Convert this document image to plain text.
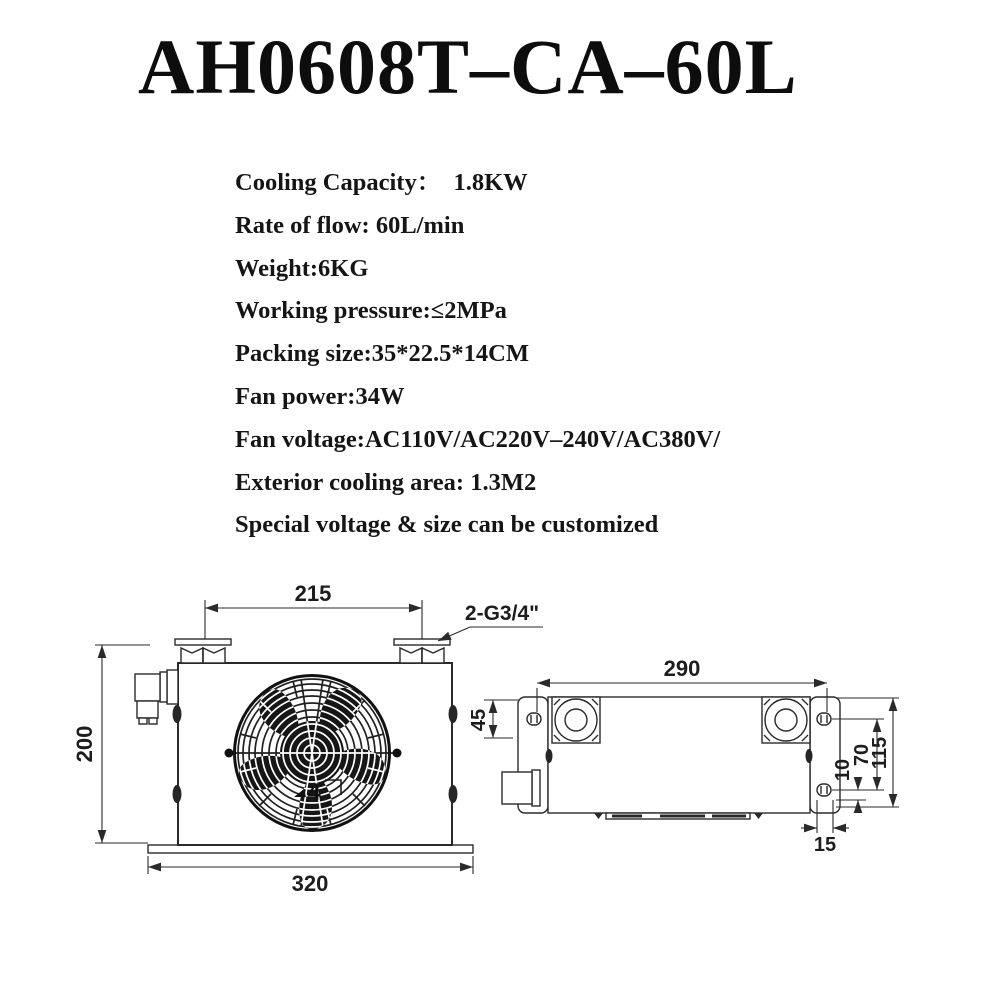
AH0608T–CA–60L
Cooling Capacity：  1.8KW
Rate of flow: 60L/min
Weight:6KG
Working pressure:≤2MPa
Packing size:35*22.5*14CM
Fan power:34W
Fan voltage:AC110V/AC220V–240V/AC380V/
Exterior cooling area: 1.3M2
Special voltage & size can be customized
4
215
2-G3/4"
200
320
290
45
115
70
10
15
